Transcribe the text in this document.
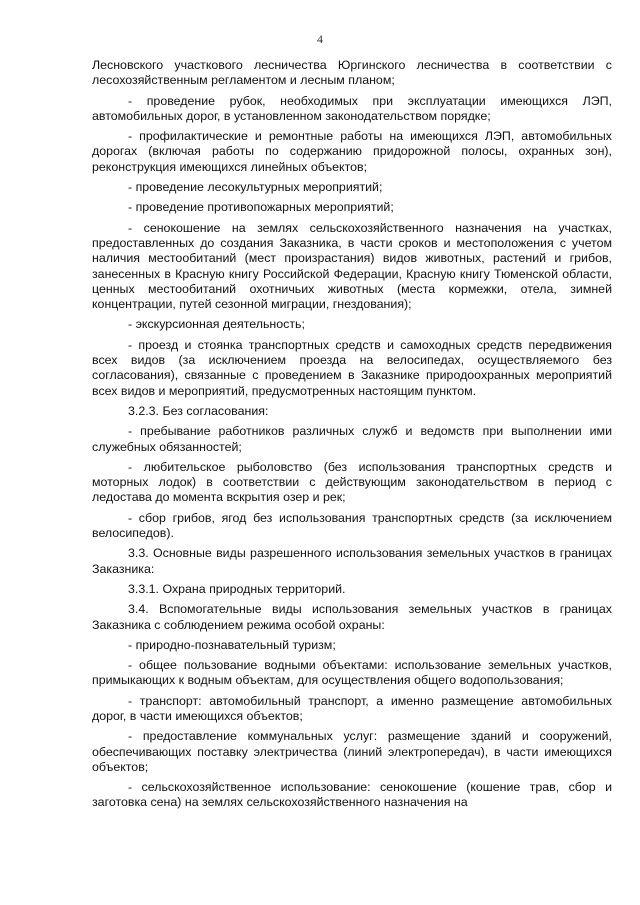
4

Лесновского участкового лесничества Юргинского лесничества в соответствии с лесохозяйственным регламентом и лесным планом;

- проведение рубок, необходимых при эксплуатации имеющихся ЛЭП, автомобильных дорог, в установленном законодательством порядке;

- профилактические и ремонтные работы на имеющихся ЛЭП, автомобильных дорогах (включая работы по содержанию придорожной полосы, охранных зон), реконструкция имеющихся линейных объектов;

- проведение лесокультурных мероприятий;

- проведение противопожарных мероприятий;

- сенокошение на землях сельскохозяйственного назначения на участках, предоставленных до создания Заказника, в части сроков и местоположения с учетом наличия местообитаний (мест произрастания) видов животных, растений и грибов, занесенных в Красную книгу Российской Федерации, Красную книгу Тюменской области, ценных местообитаний охотничьих животных (места кормежки, отела, зимней концентрации, путей сезонной миграции, гнездования);

- экскурсионная деятельность;

- проезд и стоянка транспортных средств и самоходных средств передвижения всех видов (за исключением проезда на велосипедах, осуществляемого без согласования), связанные с проведением в Заказнике природоохранных мероприятий всех видов и мероприятий, предусмотренных настоящим пунктом.

3.2.3. Без согласования:

- пребывание работников различных служб и ведомств при выполнении ими служебных обязанностей;

- любительское рыболовство (без использования транспортных средств и моторных лодок) в соответствии с действующим законодательством в период с ледостава до момента вскрытия озер и рек;

- сбор грибов, ягод без использования транспортных средств (за исключением велосипедов).

3.3. Основные виды разрешенного использования земельных участков в границах Заказника:

3.3.1. Охрана природных территорий.

3.4. Вспомогательные виды использования земельных участков в границах Заказника с соблюдением режима особой охраны:

- природно-познавательный туризм;

- общее пользование водными объектами: использование земельных участков, примыкающих к водным объектам, для осуществления общего водопользования;

- транспорт: автомобильный транспорт, а именно размещение автомобильных дорог, в части имеющихся объектов;

- предоставление коммунальных услуг: размещение зданий и сооружений, обеспечивающих поставку электричества (линий электропередач), в части имеющихся объектов;

- сельскохозяйственное использование: сенокошение (кошение трав, сбор и заготовка сена) на землях сельскохозяйственного назначения на
